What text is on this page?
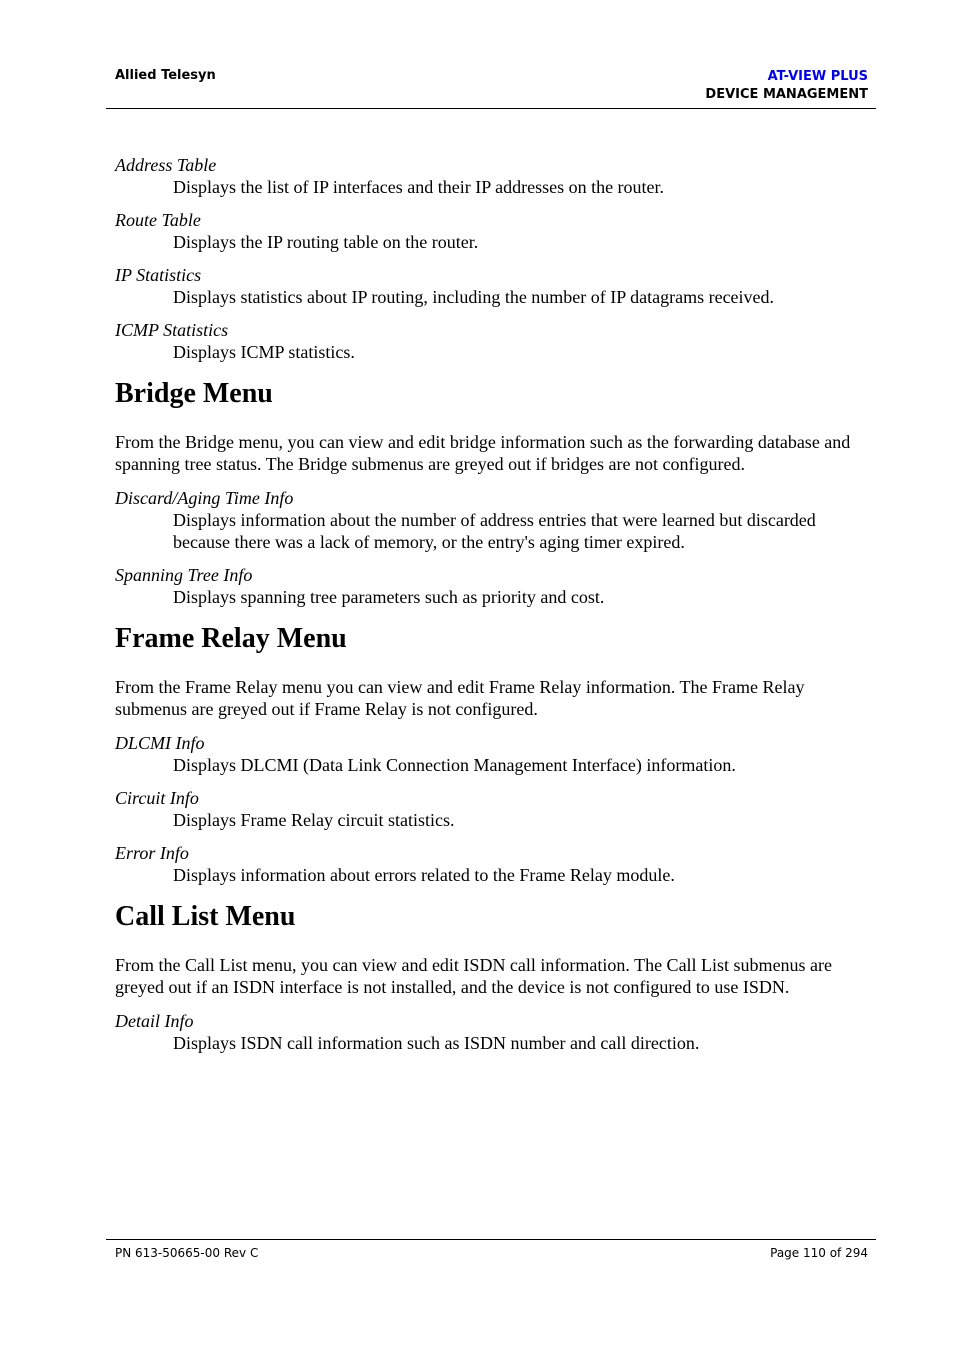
Allied Telesyn	AT-VIEW PLUS
DEVICE MANAGEMENT
Address Table
Displays the list of IP interfaces and their IP addresses on the router.
Route Table
Displays the IP routing table on the router.
IP Statistics
Displays statistics about IP routing, including the number of IP datagrams received.
ICMP Statistics
Displays ICMP statistics.
Bridge Menu

From the Bridge menu, you can view and edit bridge information such as the forwarding database and spanning tree status. The Bridge submenus are greyed out if bridges are not configured.

Discard/Aging Time Info
Displays information about the number of address entries that were learned but discarded because there was a lack of memory, or the entry's aging timer expired.
Spanning Tree Info
Displays spanning tree parameters such as priority and cost.
Frame Relay Menu

From the Frame Relay menu you can view and edit Frame Relay information. The Frame Relay submenus are greyed out if Frame Relay is not configured.

DLCMI Info
Displays DLCMI (Data Link Connection Management Interface) information.
Circuit Info
Displays Frame Relay circuit statistics.
Error Info
Displays information about errors related to the Frame Relay module.
Call List Menu

From the Call List menu, you can view and edit ISDN call information. The Call List submenus are greyed out if an ISDN interface is not installed, and the device is not configured to use ISDN.

Detail Info
Displays ISDN call information such as ISDN number and call direction.
PN 613-50665-00 Rev C	Page 110 of 294
